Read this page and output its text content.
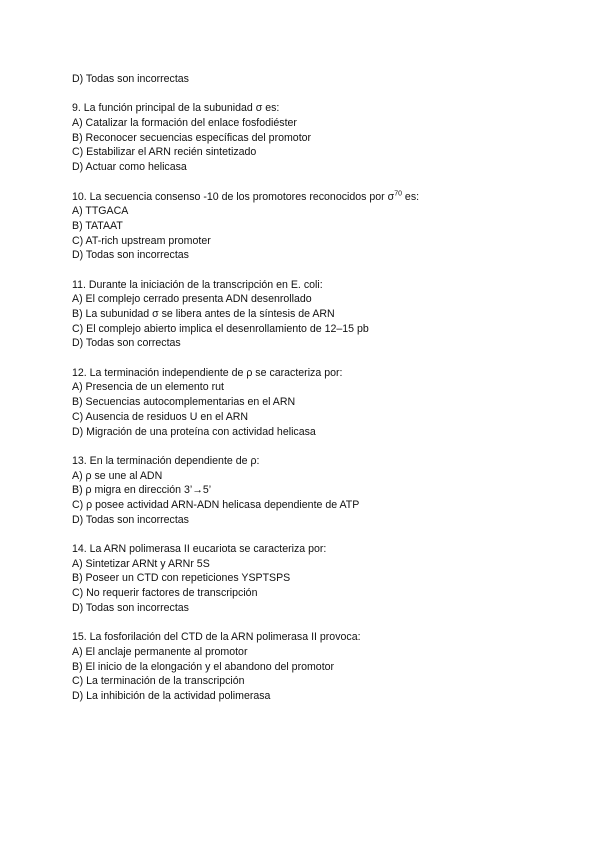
D) Todas son incorrectas
9. La función principal de la subunidad σ es:
A) Catalizar la formación del enlace fosfodiéster
B) Reconocer secuencias específicas del promotor
C) Estabilizar el ARN recién sintetizado
D) Actuar como helicasa
10. La secuencia consenso -10 de los promotores reconocidos por $\sigma^{70}$ es:
A) TTGACA
B) TATAAT
C) AT-rich upstream promoter
D) Todas son incorrectas
11. Durante la iniciación de la transcripción en E. coli:
A) El complejo cerrado presenta ADN desenrollado
B) La subunidad σ se libera antes de la síntesis de ARN
C) El complejo abierto implica el desenrollamiento de 12–15 pb
D) Todas son correctas
12. La terminación independiente de ρ se caracteriza por:
A) Presencia de un elemento rut
B) Secuencias autocomplementarias en el ARN
C) Ausencia de residuos U en el ARN
D) Migración de una proteína con actividad helicasa
13. En la terminación dependiente de ρ:
A) ρ se une al ADN
B) ρ migra en dirección 3’→5’
C) ρ posee actividad ARN-ADN helicasa dependiente de ATP
D) Todas son incorrectas
14. La ARN polimerasa II eucariota se caracteriza por:
A) Sintetizar ARNt y ARNr 5S
B) Poseer un CTD con repeticiones YSPTSPS
C) No requerir factores de transcripción
D) Todas son incorrectas
15. La fosforilación del CTD de la ARN polimerasa II provoca:
A) El anclaje permanente al promotor
B) El inicio de la elongación y el abandono del promotor
C) La terminación de la transcripción
D) La inhibición de la actividad polimerasa
